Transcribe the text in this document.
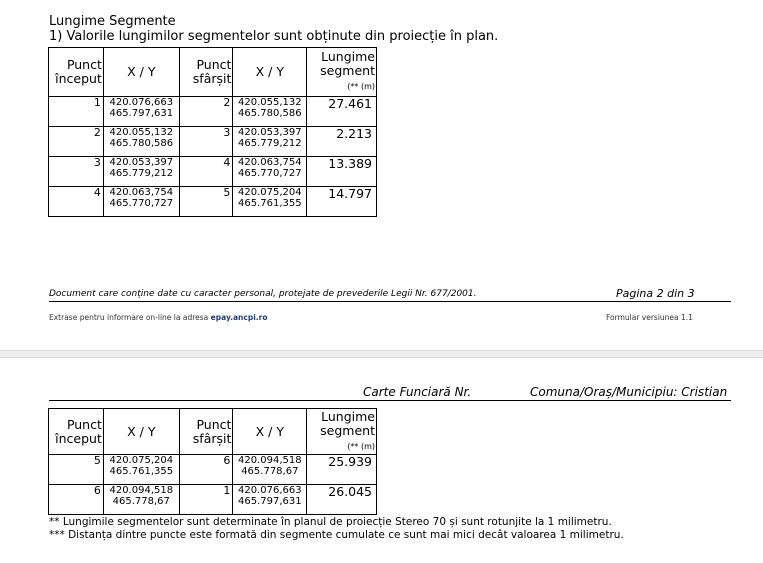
Lungime Segmente
1) Valorile lungimilor segmentelor sunt obținute din proiecție în plan.
Punct
început	X / Y	Punct
sfârșit	X / Y	Lungime
segment
(** (m)
1	420.076,663
465.797,631	2	420.055,132
465.780,586	27.461
2	420.055,132
465.780,586	3	420.053,397
465.779,212	2.213
3	420.053,397
465.779,212	4	420.063,754
465.770,727	13.389
4	420.063,754
465.770,727	5	420.075,204
465.761,355	14.797
Document care conține date cu caracter personal, protejate de prevederile Legii Nr. 677/2001.	Pagina 2 din 3
Extrase pentru informare on-line la adresa epay.ancpi.ro	Formular versiunea 1.1
Carte Funciară Nr.	Comuna/Oraș/Municipiu: Cristian
Punct
început	X / Y	Punct
sfârșit	X / Y	Lungime
segment
(** (m)
5	420.075,204
465.761,355	6	420.094,518
465.778,67	25.939
6	420.094,518
465.778,67	1	420.076,663
465.797,631	26.045
** Lungimile segmentelor sunt determinate în planul de proiecție Stereo 70 și sunt rotunjite la 1 milimetru.
*** Distanța dintre puncte este formată din segmente cumulate ce sunt mai mici decât valoarea 1 milimetru.
